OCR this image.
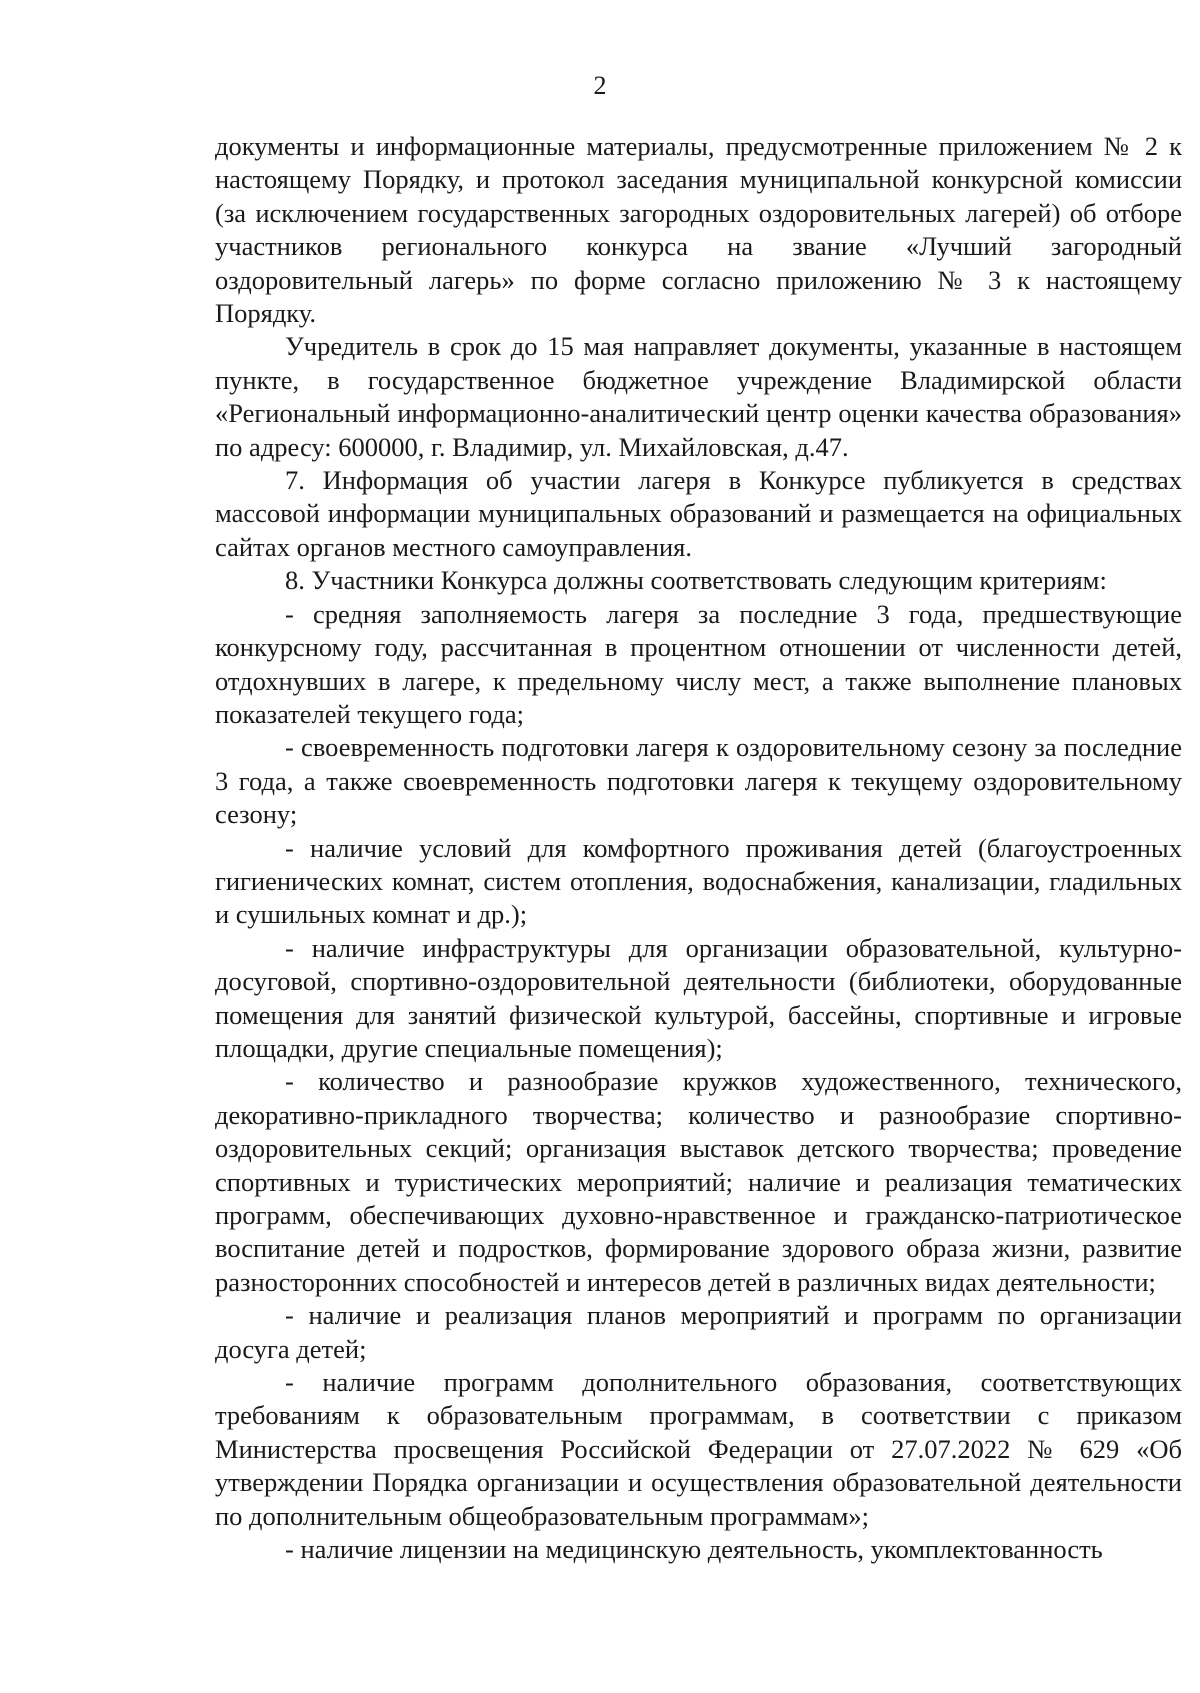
2

документы и информационные материалы, предусмотренные приложением № 2 к настоящему Порядку, и протокол заседания муниципальной конкурсной комиссии (за исключением государственных загородных оздоровительных лагерей) об отборе участников регионального конкурса на звание «Лучший загородный оздоровительный лагерь» по форме согласно приложению № 3 к настоящему Порядку.

Учредитель в срок до 15 мая направляет документы, указанные в настоящем пункте, в государственное бюджетное учреждение Владимирской области «Региональный информационно-аналитический центр оценки качества образования» по адресу: 600000, г. Владимир, ул. Михайловская, д.47.

7. Информация об участии лагеря в Конкурсе публикуется в средствах массовой информации муниципальных образований и размещается на официальных сайтах органов местного самоуправления.

8. Участники Конкурса должны соответствовать следующим критериям:

- средняя заполняемость лагеря за последние 3 года, предшествующие конкурсному году, рассчитанная в процентном отношении от численности детей, отдохнувших в лагере, к предельному числу мест, а также выполнение плановых показателей текущего года;

- своевременность подготовки лагеря к оздоровительному сезону за последние 3 года, а также своевременность подготовки лагеря к текущему оздоровительному сезону;

- наличие условий для комфортного проживания детей (благоустроенных гигиенических комнат, систем отопления, водоснабжения, канализации, гладильных и сушильных комнат и др.);

- наличие инфраструктуры для организации образовательной, культурно-досуговой, спортивно-оздоровительной деятельности (библиотеки, оборудованные помещения для занятий физической культурой, бассейны, спортивные и игровые площадки, другие специальные помещения);

- количество и разнообразие кружков художественного, технического, декоративно-прикладного творчества; количество и разнообразие спортивно-оздоровительных секций; организация выставок детского творчества; проведение спортивных и туристических мероприятий; наличие и реализация тематических программ, обеспечивающих духовно-нравственное и гражданско-патриотическое воспитание детей и подростков, формирование здорового образа жизни, развитие разносторонних способностей и интересов детей в различных видах деятельности;

- наличие и реализация планов мероприятий и программ по организации досуга детей;

- наличие программ дополнительного образования, соответствующих требованиям к образовательным программам, в соответствии с приказом Министерства просвещения Российской Федерации от 27.07.2022 № 629 «Об утверждении Порядка организации и осуществления образовательной деятельности по дополнительным общеобразовательным программам»;

- наличие лицензии на медицинскую деятельность, укомплектованность
